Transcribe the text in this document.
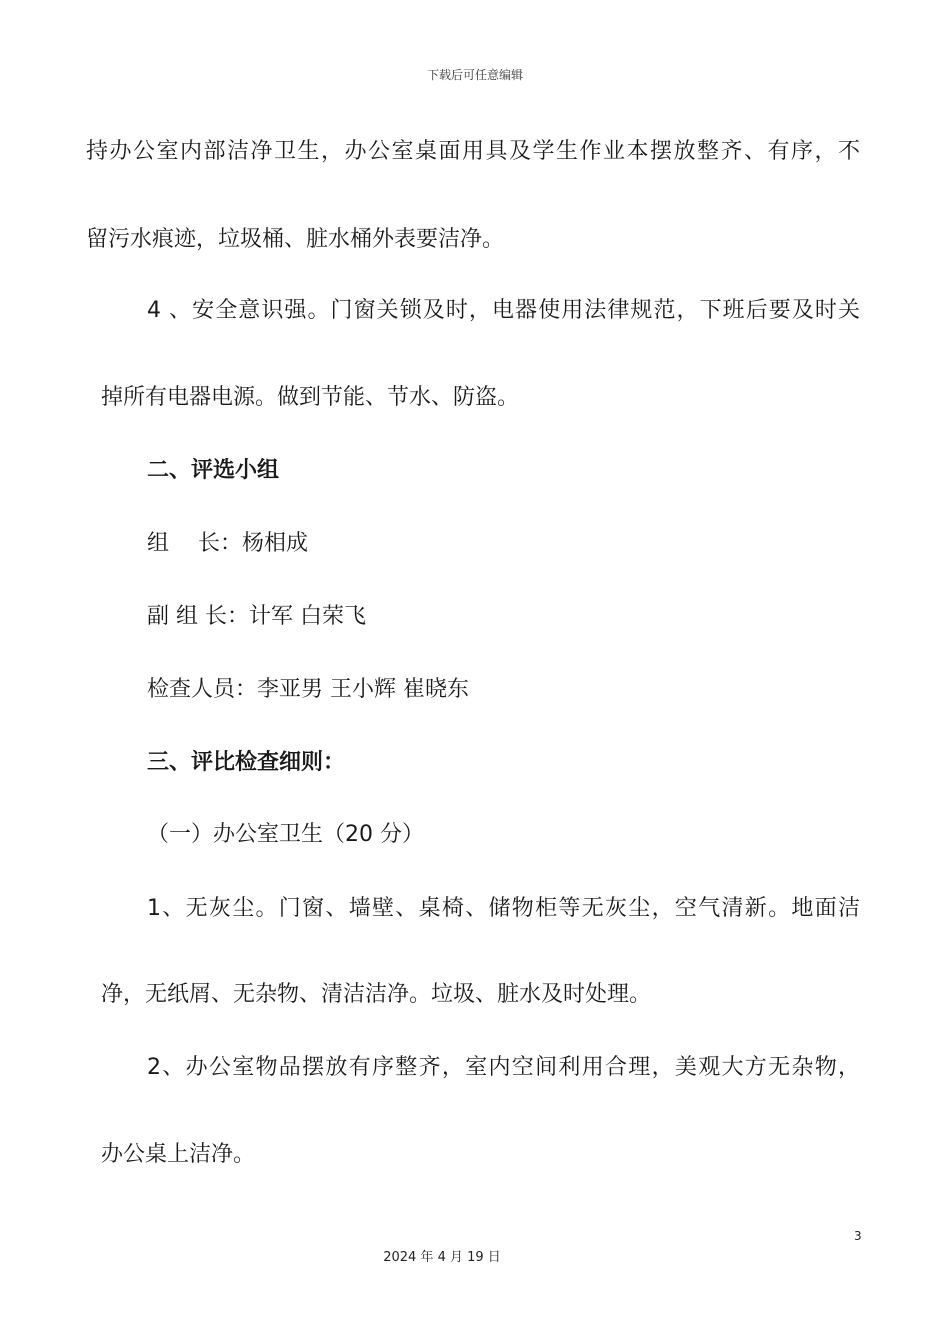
下载后可任意编辑
持办公室内部洁净卫生，办公室桌面用具及学生作业本摆放整齐、有序，不
留污水痕迹，垃圾桶、脏水桶外表要洁净。
4 、安全意识强。门窗关锁及时，电器使用法律规范，下班后要及时关
掉所有电器电源。做到节能、节水、防盗。
二、评选小组
组　 长：杨相成
副 组 长：计军 白荣飞
检查人员：李亚男 王小辉 崔晓东
三、评比检查细则：
（一）办公室卫生（20 分）
1、无灰尘。门窗、墙壁、桌椅、储物柜等无灰尘，空气清新。地面洁
净，无纸屑、无杂物、清洁洁净。垃圾、脏水及时处理。
2、办公室物品摆放有序整齐，室内空间利用合理，美观大方无杂物，
办公桌上洁净。
3
2024 年 4 月 19 日
